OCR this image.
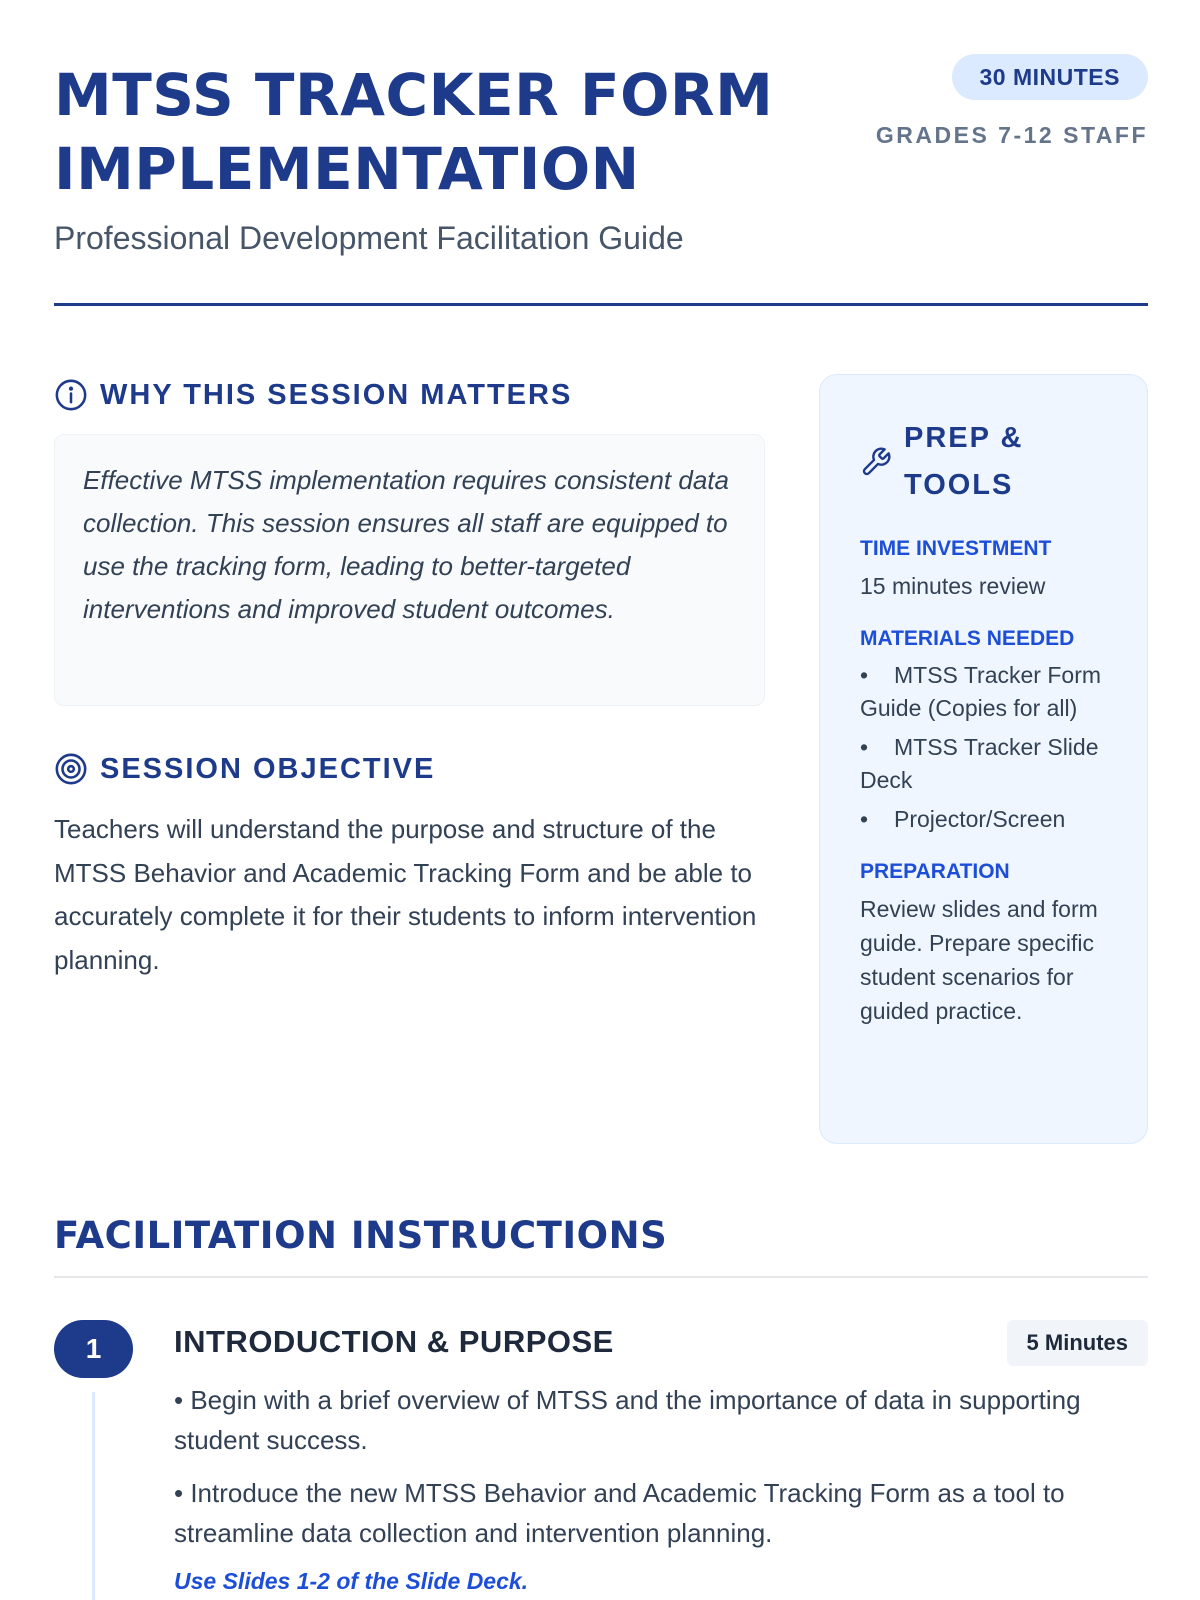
MTSS TRACKER FORM IMPLEMENTATION
Professional Development Facilitation Guide
30 MINUTES
GRADES 7-12 STAFF
WHY THIS SESSION MATTERS

Effective MTSS implementation requires consistent data collection. This session ensures all staff are equipped to use the tracking form, leading to better-targeted interventions and improved student outcomes.

SESSION OBJECTIVE

Teachers will understand the purpose and structure of the MTSS Behavior and Academic Tracking Form and be able to accurately complete it for their students to inform intervention planning.

PREP & TOOLS
TIME INVESTMENT
15 minutes review
MATERIALS NEEDED
• MTSS Tracker Form Guide (Copies for all)
• MTSS Tracker Slide Deck
• Projector/Screen
PREPARATION
Review slides and form guide. Prepare specific student scenarios for guided practice.
FACILITATION INSTRUCTIONS
1	INTRODUCTION & PURPOSE	5 Minutes

• Begin with a brief overview of MTSS and the importance of data in supporting student success.

• Introduce the new MTSS Behavior and Academic Tracking Form as a tool to streamline data collection and intervention planning.

Use Slides 1-2 of the Slide Deck.
